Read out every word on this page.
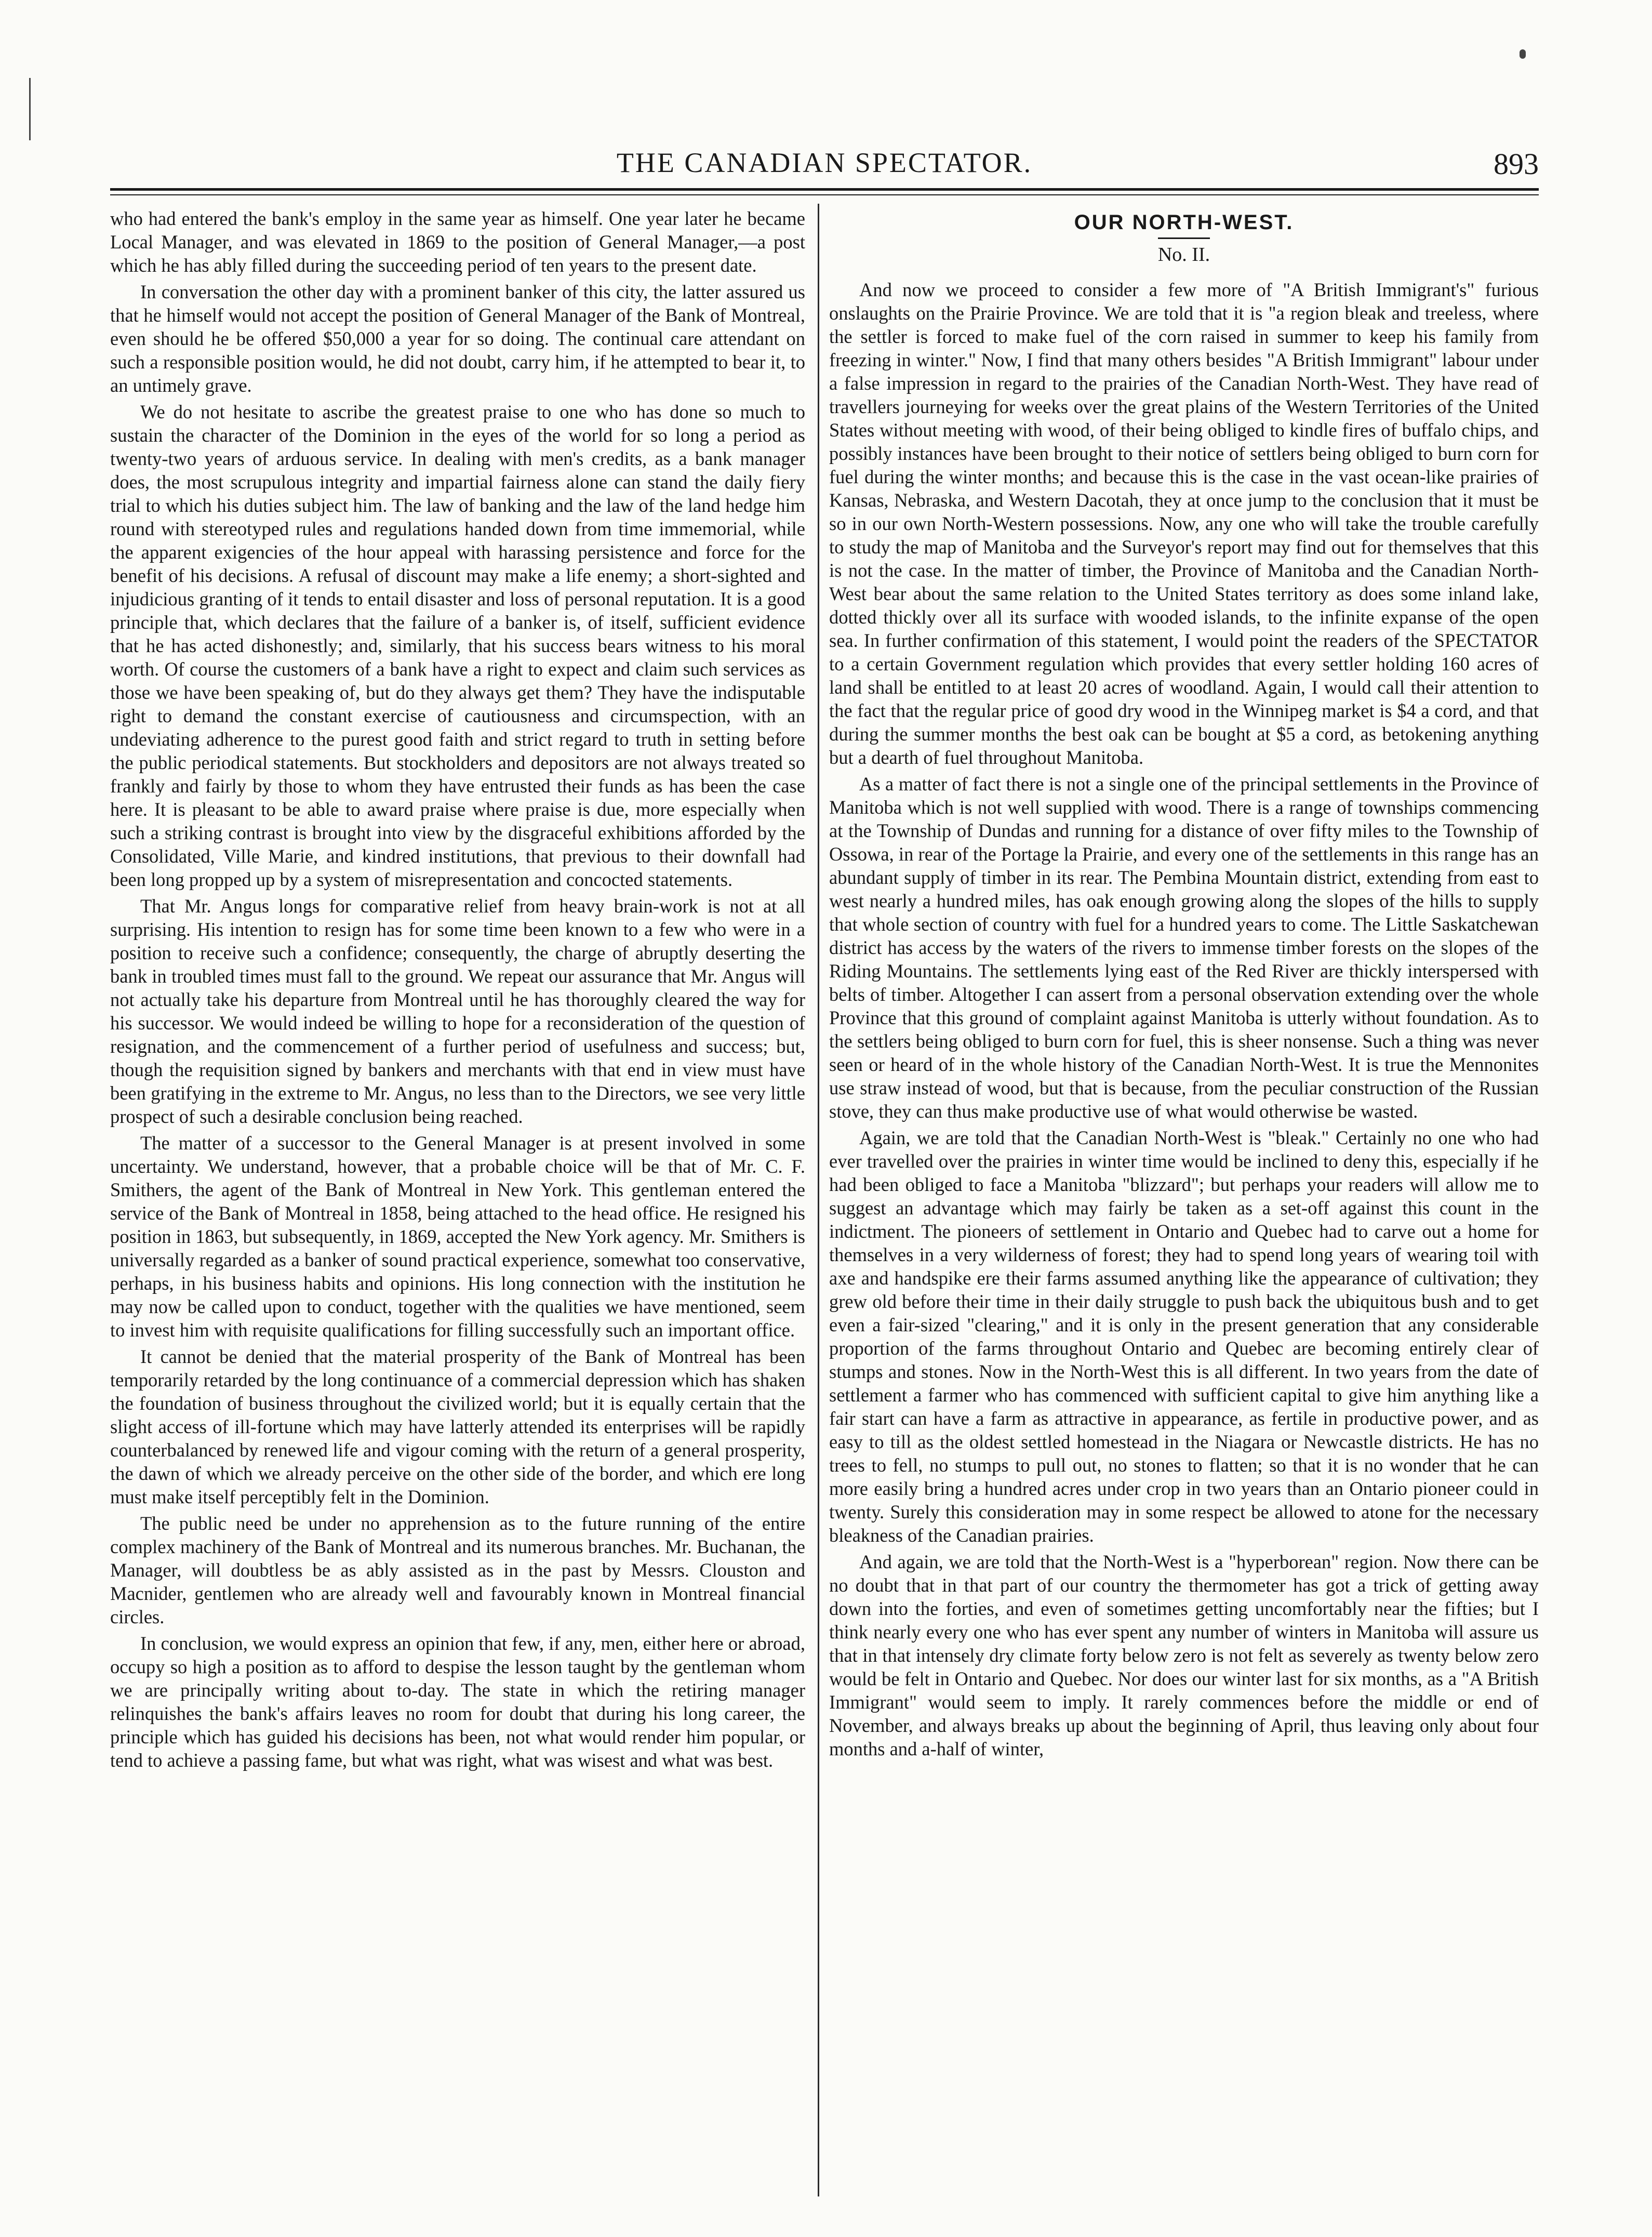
THE CANADIAN SPECTATOR.	893

who had entered the bank's employ in the same year as himself. One year later he became Local Manager, and was elevated in 1869 to the position of General Manager,—a post which he has ably filled during the succeeding period of ten years to the present date.

In conversation the other day with a prominent banker of this city, the latter assured us that he himself would not accept the position of General Manager of the Bank of Montreal, even should he be offered $50,000 a year for so doing. The continual care attendant on such a responsible position would, he did not doubt, carry him, if he attempted to bear it, to an untimely grave.

We do not hesitate to ascribe the greatest praise to one who has done so much to sustain the character of the Dominion in the eyes of the world for so long a period as twenty-two years of arduous service. In dealing with men's credits, as a bank manager does, the most scrupulous integrity and impartial fairness alone can stand the daily fiery trial to which his duties subject him. The law of banking and the law of the land hedge him round with stereotyped rules and regulations handed down from time immemorial, while the apparent exigencies of the hour appeal with harassing persistence and force for the benefit of his decisions. A refusal of discount may make a life enemy; a short-sighted and injudicious granting of it tends to entail disaster and loss of personal reputation. It is a good principle that, which declares that the failure of a banker is, of itself, sufficient evidence that he has acted dishonestly; and, similarly, that his success bears witness to his moral worth. Of course the customers of a bank have a right to expect and claim such services as those we have been speaking of, but do they always get them? They have the indisputable right to demand the constant exercise of cautiousness and circumspection, with an undeviating adherence to the purest good faith and strict regard to truth in setting before the public periodical statements. But stockholders and depositors are not always treated so frankly and fairly by those to whom they have entrusted their funds as has been the case here. It is pleasant to be able to award praise where praise is due, more especially when such a striking contrast is brought into view by the disgraceful exhibitions afforded by the Consolidated, Ville Marie, and kindred institutions, that previous to their downfall had been long propped up by a system of misrepresentation and concocted statements.

That Mr. Angus longs for comparative relief from heavy brain-work is not at all surprising. His intention to resign has for some time been known to a few who were in a position to receive such a confidence; consequently, the charge of abruptly deserting the bank in troubled times must fall to the ground. We repeat our assurance that Mr. Angus will not actually take his departure from Montreal until he has thoroughly cleared the way for his successor. We would indeed be willing to hope for a reconsideration of the question of resignation, and the commencement of a further period of usefulness and success; but, though the requisition signed by bankers and merchants with that end in view must have been gratifying in the extreme to Mr. Angus, no less than to the Directors, we see very little prospect of such a desirable conclusion being reached.

The matter of a successor to the General Manager is at present involved in some uncertainty. We understand, however, that a probable choice will be that of Mr. C. F. Smithers, the agent of the Bank of Montreal in New York. This gentleman entered the service of the Bank of Montreal in 1858, being attached to the head office. He resigned his position in 1863, but subsequently, in 1869, accepted the New York agency. Mr. Smithers is universally regarded as a banker of sound practical experience, somewhat too conservative, perhaps, in his business habits and opinions. His long connection with the institution he may now be called upon to conduct, together with the qualities we have mentioned, seem to invest him with requisite qualifications for filling successfully such an important office.

It cannot be denied that the material prosperity of the Bank of Montreal has been temporarily retarded by the long continuance of a commercial depression which has shaken the foundation of business throughout the civilized world; but it is equally certain that the slight access of ill-fortune which may have latterly attended its enterprises will be rapidly counterbalanced by renewed life and vigour coming with the return of a general prosperity, the dawn of which we already perceive on the other side of the border, and which ere long must make itself perceptibly felt in the Dominion.

The public need be under no apprehension as to the future running of the entire complex machinery of the Bank of Montreal and its numerous branches. Mr. Buchanan, the Manager, will doubtless be as ably assisted as in the past by Messrs. Clouston and Macnider, gentlemen who are already well and favourably known in Montreal financial circles.

In conclusion, we would express an opinion that few, if any, men, either here or abroad, occupy so high a position as to afford to despise the lesson taught by the gentleman whom we are principally writing about to-day. The state in which the retiring manager relinquishes the bank's affairs leaves no room for doubt that during his long career, the principle which has guided his decisions has been, not what would render him popular, or tend to achieve a passing fame, but what was right, what was wisest and what was best.

OUR NORTH-WEST.
No. II.

And now we proceed to consider a few more of "A British Immigrant's" furious onslaughts on the Prairie Province. We are told that it is "a region bleak and treeless, where the settler is forced to make fuel of the corn raised in summer to keep his family from freezing in winter." Now, I find that many others besides "A British Immigrant" labour under a false impression in regard to the prairies of the Canadian North-West. They have read of travellers journeying for weeks over the great plains of the Western Territories of the United States without meeting with wood, of their being obliged to kindle fires of buffalo chips, and possibly instances have been brought to their notice of settlers being obliged to burn corn for fuel during the winter months; and because this is the case in the vast ocean-like prairies of Kansas, Nebraska, and Western Dacotah, they at once jump to the conclusion that it must be so in our own North-Western possessions. Now, any one who will take the trouble carefully to study the map of Manitoba and the Surveyor's report may find out for themselves that this is not the case. In the matter of timber, the Province of Manitoba and the Canadian North-West bear about the same relation to the United States territory as does some inland lake, dotted thickly over all its surface with wooded islands, to the infinite expanse of the open sea. In further confirmation of this statement, I would point the readers of the SPECTATOR to a certain Government regulation which provides that every settler holding 160 acres of land shall be entitled to at least 20 acres of woodland. Again, I would call their attention to the fact that the regular price of good dry wood in the Winnipeg market is $4 a cord, and that during the summer months the best oak can be bought at $5 a cord, as betokening anything but a dearth of fuel throughout Manitoba.

As a matter of fact there is not a single one of the principal settlements in the Province of Manitoba which is not well supplied with wood. There is a range of townships commencing at the Township of Dundas and running for a distance of over fifty miles to the Township of Ossowa, in rear of the Portage la Prairie, and every one of the settlements in this range has an abundant supply of timber in its rear. The Pembina Mountain district, extending from east to west nearly a hundred miles, has oak enough growing along the slopes of the hills to supply that whole section of country with fuel for a hundred years to come. The Little Saskatchewan district has access by the waters of the rivers to immense timber forests on the slopes of the Riding Mountains. The settlements lying east of the Red River are thickly interspersed with belts of timber. Altogether I can assert from a personal observation extending over the whole Province that this ground of complaint against Manitoba is utterly without foundation. As to the settlers being obliged to burn corn for fuel, this is sheer nonsense. Such a thing was never seen or heard of in the whole history of the Canadian North-West. It is true the Mennonites use straw instead of wood, but that is because, from the peculiar construction of the Russian stove, they can thus make productive use of what would otherwise be wasted.

Again, we are told that the Canadian North-West is "bleak." Certainly no one who had ever travelled over the prairies in winter time would be inclined to deny this, especially if he had been obliged to face a Manitoba "blizzard"; but perhaps your readers will allow me to suggest an advantage which may fairly be taken as a set-off against this count in the indictment. The pioneers of settlement in Ontario and Quebec had to carve out a home for themselves in a very wilderness of forest; they had to spend long years of wearing toil with axe and handspike ere their farms assumed anything like the appearance of cultivation; they grew old before their time in their daily struggle to push back the ubiquitous bush and to get even a fair-sized "clearing," and it is only in the present generation that any considerable proportion of the farms throughout Ontario and Quebec are becoming entirely clear of stumps and stones. Now in the North-West this is all different. In two years from the date of settlement a farmer who has commenced with sufficient capital to give him anything like a fair start can have a farm as attractive in appearance, as fertile in productive power, and as easy to till as the oldest settled homestead in the Niagara or Newcastle districts. He has no trees to fell, no stumps to pull out, no stones to flatten; so that it is no wonder that he can more easily bring a hundred acres under crop in two years than an Ontario pioneer could in twenty. Surely this consideration may in some respect be allowed to atone for the necessary bleakness of the Canadian prairies.

And again, we are told that the North-West is a "hyperborean" region. Now there can be no doubt that in that part of our country the thermometer has got a trick of getting away down into the forties, and even of sometimes getting uncomfortably near the fifties; but I think nearly every one who has ever spent any number of winters in Manitoba will assure us that in that intensely dry climate forty below zero is not felt as severely as twenty below zero would be felt in Ontario and Quebec. Nor does our winter last for six months, as a "A British Immigrant" would seem to imply. It rarely commences before the middle or end of November, and always breaks up about the beginning of April, thus leaving only about four months and a-half of winter,
